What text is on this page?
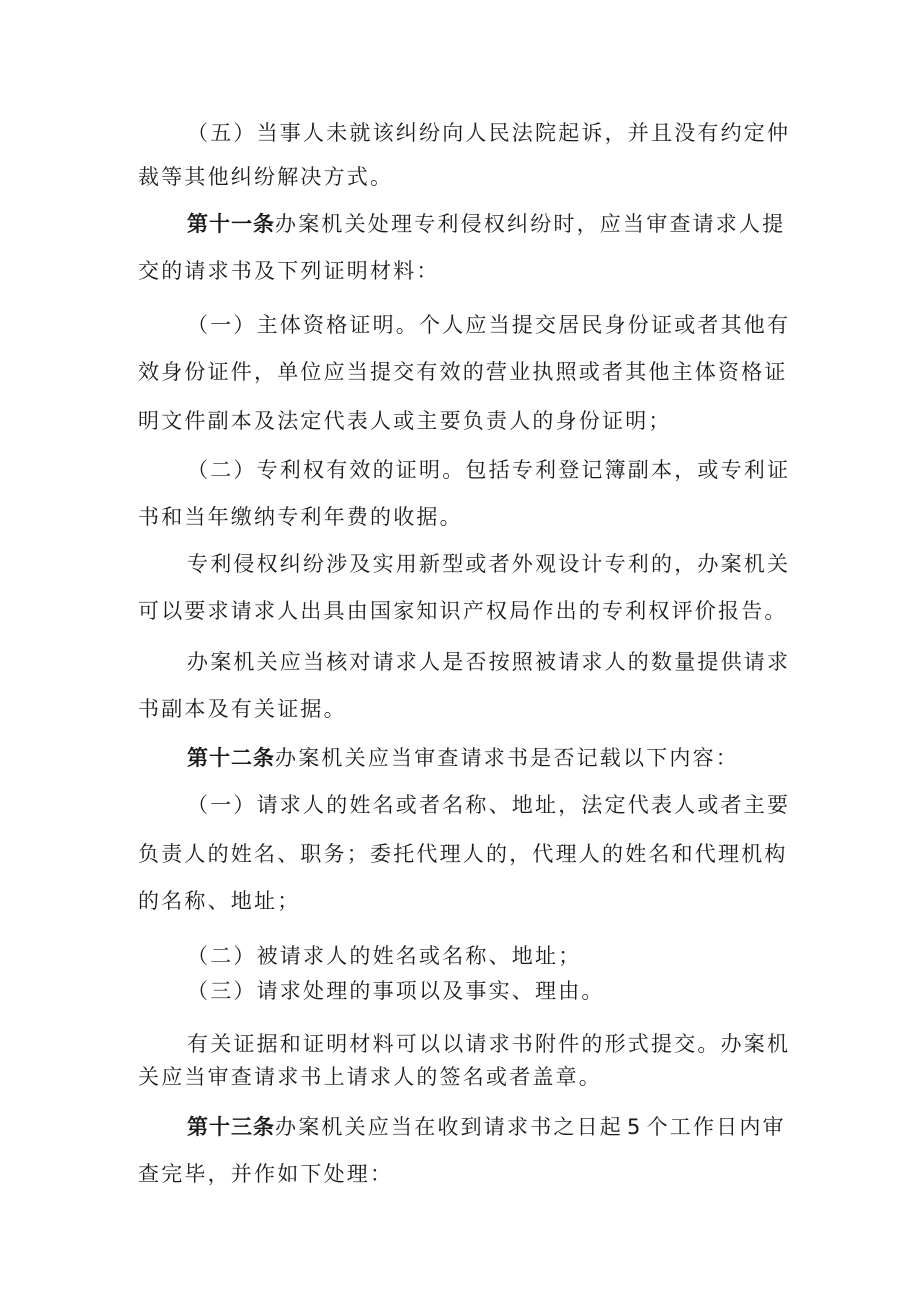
（五）当事人未就该纠纷向人民法院起诉，并且没有约定仲
裁等其他纠纷解决方式。
第十一条办案机关处理专利侵权纠纷时，应当审查请求人提
交的请求书及下列证明材料：
（一）主体资格证明。个人应当提交居民身份证或者其他有
效身份证件，单位应当提交有效的营业执照或者其他主体资格证
明文件副本及法定代表人或主要负责人的身份证明；
（二）专利权有效的证明。包括专利登记簿副本，或专利证
书和当年缴纳专利年费的收据。
专利侵权纠纷涉及实用新型或者外观设计专利的，办案机关
可以要求请求人出具由国家知识产权局作出的专利权评价报告。
办案机关应当核对请求人是否按照被请求人的数量提供请求
书副本及有关证据。
第十二条办案机关应当审查请求书是否记载以下内容：
（一）请求人的姓名或者名称、地址，法定代表人或者主要
负责人的姓名、职务；委托代理人的，代理人的姓名和代理机构
的名称、地址；
（二）被请求人的姓名或名称、地址；
（三）请求处理的事项以及事实、理由。
有关证据和证明材料可以以请求书附件的形式提交。办案机
关应当审查请求书上请求人的签名或者盖章。
第十三条办案机关应当在收到请求书之日起 5 个工作日内审
查完毕，并作如下处理：
